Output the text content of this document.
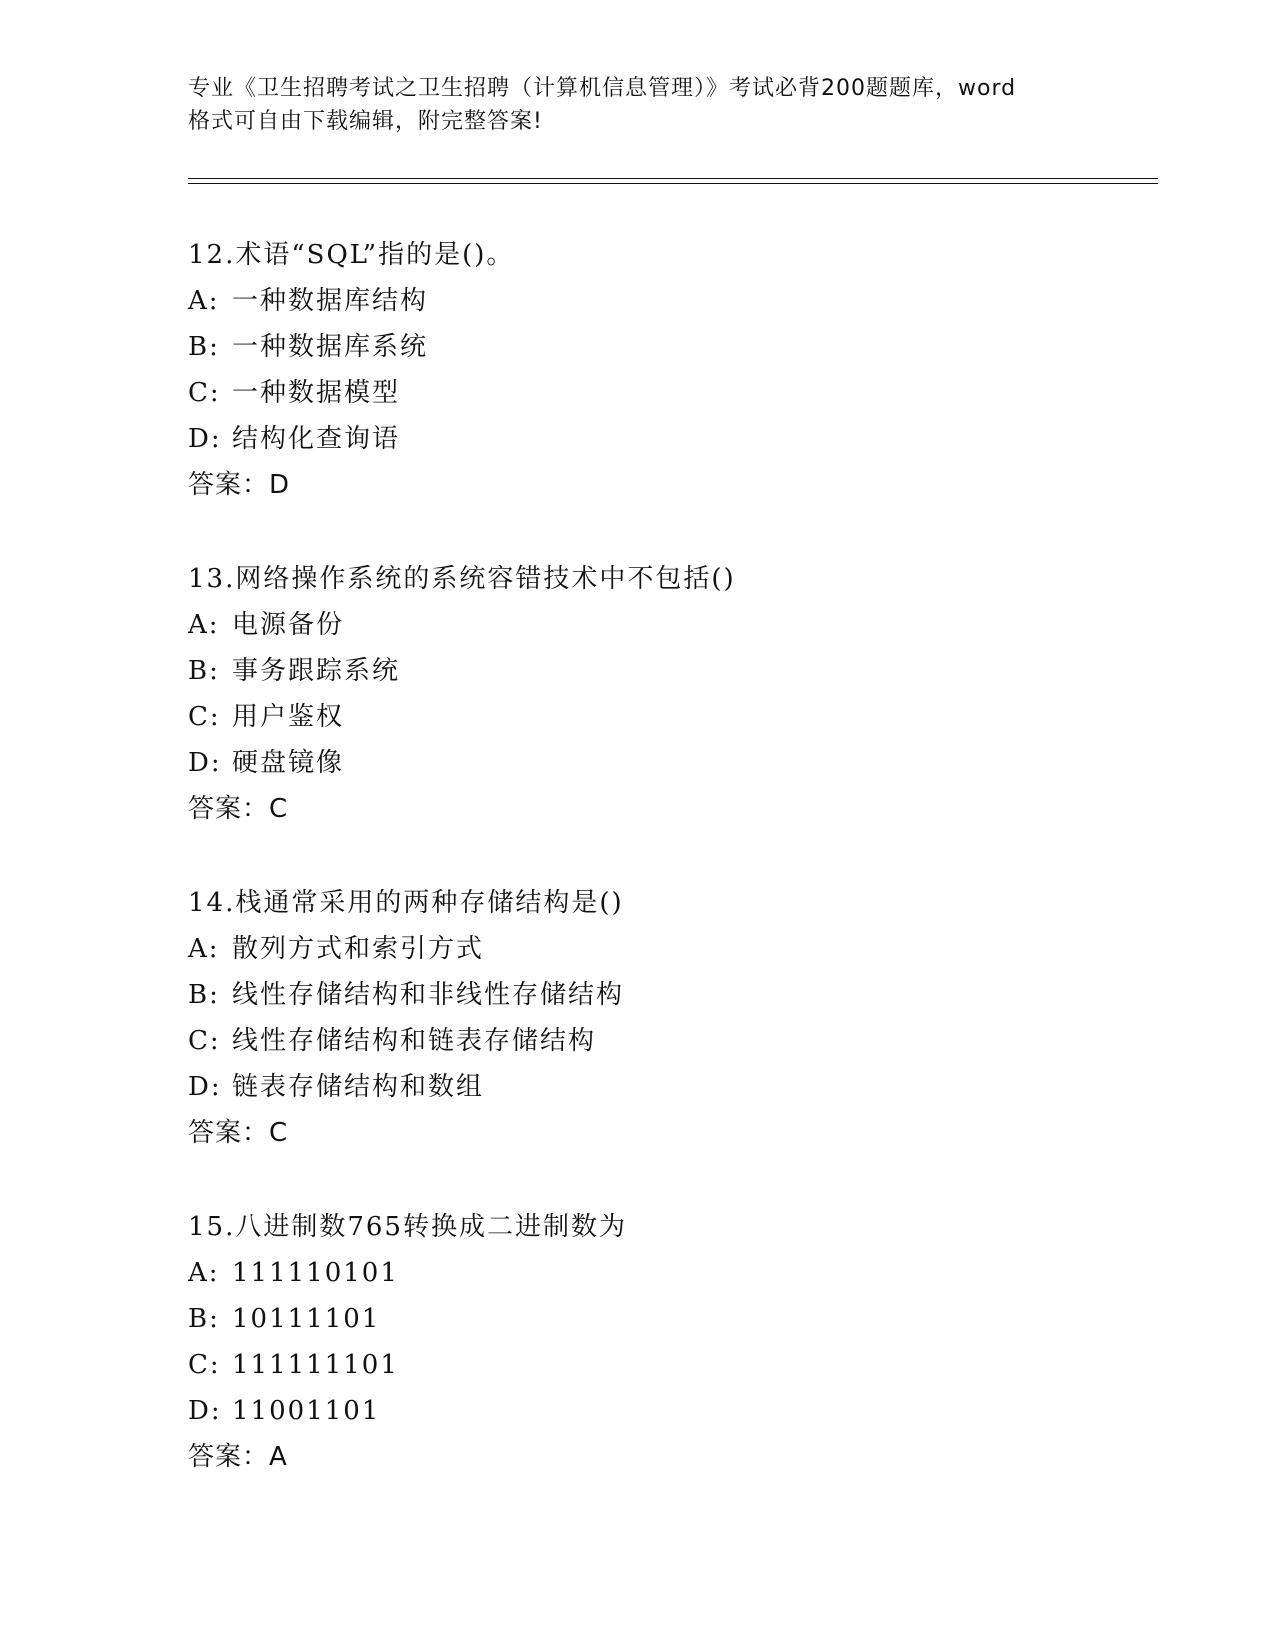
专业《卫生招聘考试之卫生招聘（计算机信息管理）》考试必背200题题库，word
格式可自由下载编辑，附完整答案!
12.术语“SQL”指的是()。
A: 一种数据库结构
B: 一种数据库系统
C: 一种数据模型
D: 结构化查询语
答案：D
13.网络操作系统的系统容错技术中不包括()
A: 电源备份
B: 事务跟踪系统
C: 用户鉴权
D: 硬盘镜像
答案：C
14.栈通常采用的两种存储结构是()
A: 散列方式和索引方式
B: 线性存储结构和非线性存储结构
C: 线性存储结构和链表存储结构
D: 链表存储结构和数组
答案：C
15.八进制数765转换成二进制数为
A: 111110101
B: 10111101
C: 111111101
D: 11001101
答案：A
